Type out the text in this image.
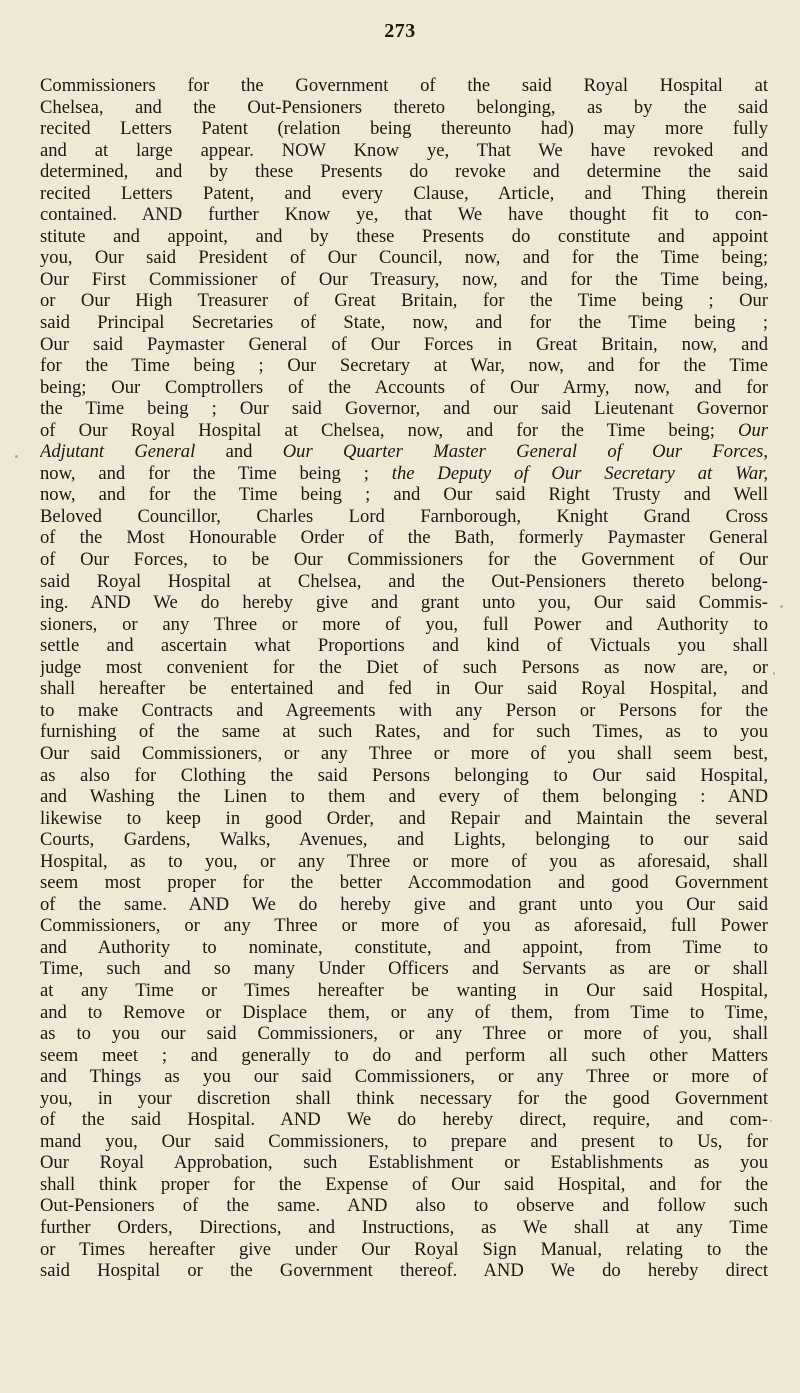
273
Commissioners for the Government of the said Royal Hospital at
Chelsea, and the Out-Pensioners thereto belonging, as by the said
recited Letters Patent (relation being thereunto had) may more fully
and at large appear. NOW Know ye, That We have revoked and
determined, and by these Presents do revoke and determine the said
recited Letters Patent, and every Clause, Article, and Thing therein
contained. AND further Know ye, that We have thought fit to con-
stitute and appoint, and by these Presents do constitute and appoint
you, Our said President of Our Council, now, and for the Time being;
Our First Commissioner of Our Treasury, now, and for the Time being,
or Our High Treasurer of Great Britain, for the Time being ; Our
said Principal Secretaries of State, now, and for the Time being ;
Our said Paymaster General of Our Forces in Great Britain, now, and
for the Time being ; Our Secretary at War, now, and for the Time
being; Our Comptrollers of the Accounts of Our Army, now, and for
the Time being ; Our said Governor, and our said Lieutenant Governor
of Our Royal Hospital at Chelsea, now, and for the Time being; Our
Adjutant General and Our Quarter Master General of Our Forces,
now, and for the Time being ; the Deputy of Our Secretary at War,
now, and for the Time being ; and Our said Right Trusty and Well
Beloved Councillor, Charles Lord Farnborough, Knight Grand Cross
of the Most Honourable Order of the Bath, formerly Paymaster General
of Our Forces, to be Our Commissioners for the Government of Our
said Royal Hospital at Chelsea, and the Out-Pensioners thereto belong-
ing. AND We do hereby give and grant unto you, Our said Commis-
sioners, or any Three or more of you, full Power and Authority to
settle and ascertain what Proportions and kind of Victuals you shall
judge most convenient for the Diet of such Persons as now are, or
shall hereafter be entertained and fed in Our said Royal Hospital, and
to make Contracts and Agreements with any Person or Persons for the
furnishing of the same at such Rates, and for such Times, as to you
Our said Commissioners, or any Three or more of you shall seem best,
as also for Clothing the said Persons belonging to Our said Hospital,
and Washing the Linen to them and every of them belonging : AND
likewise to keep in good Order, and Repair and Maintain the several
Courts, Gardens, Walks, Avenues, and Lights, belonging to our said
Hospital, as to you, or any Three or more of you as aforesaid, shall
seem most proper for the better Accommodation and good Government
of the same. AND We do hereby give and grant unto you Our said
Commissioners, or any Three or more of you as aforesaid, full Power
and Authority to nominate, constitute, and appoint, from Time to
Time, such and so many Under Officers and Servants as are or shall
at any Time or Times hereafter be wanting in Our said Hospital,
and to Remove or Displace them, or any of them, from Time to Time,
as to you our said Commissioners, or any Three or more of you, shall
seem meet ; and generally to do and perform all such other Matters
and Things as you our said Commissioners, or any Three or more of
you, in your discretion shall think necessary for the good Government
of the said Hospital. AND We do hereby direct, require, and com-
mand you, Our said Commissioners, to prepare and present to Us, for
Our Royal Approbation, such Establishment or Establishments as you
shall think proper for the Expense of Our said Hospital, and for the
Out-Pensioners of the same. AND also to observe and follow such
further Orders, Directions, and Instructions, as We shall at any Time
or Times hereafter give under Our Royal Sign Manual, relating to the
said Hospital or the Government thereof. AND We do hereby direct
